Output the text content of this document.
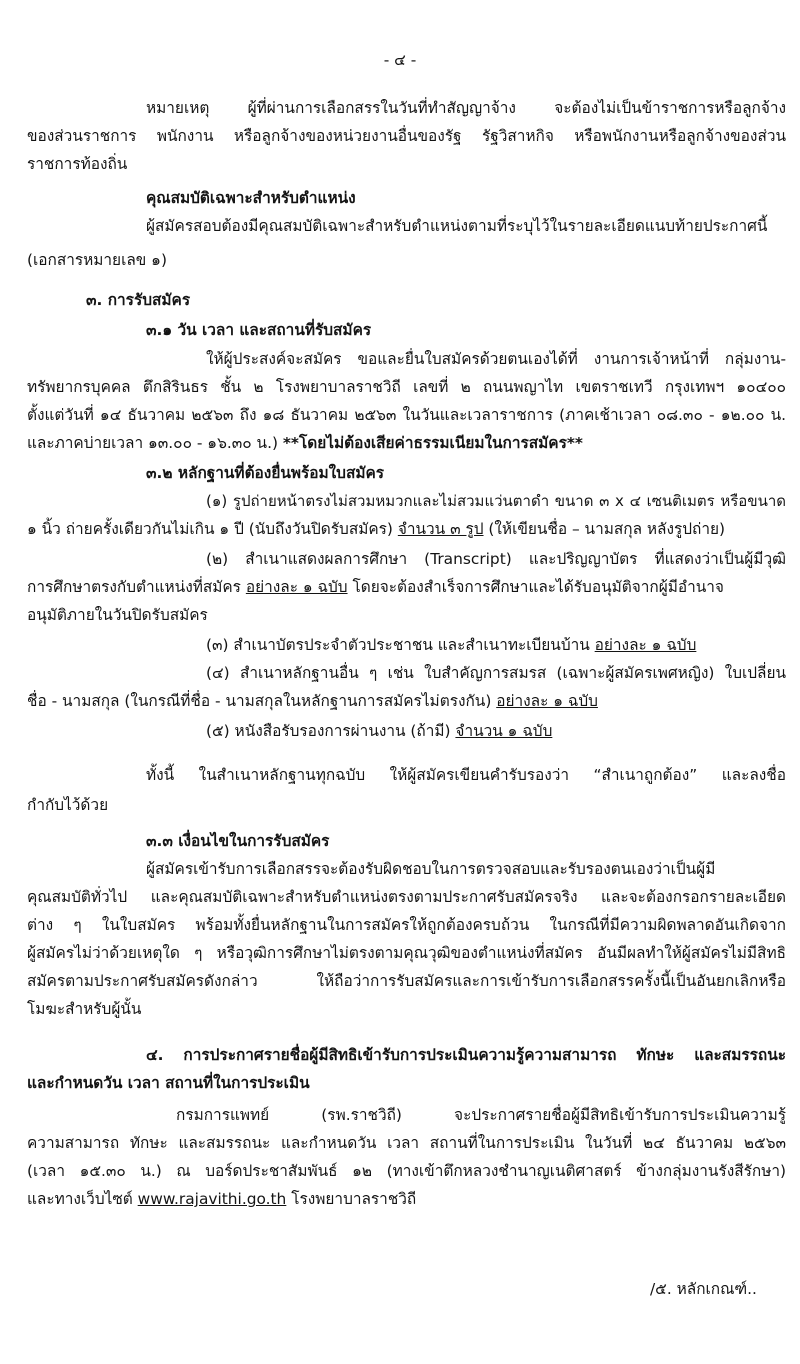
- ๔ -
หมายเหตุ ผู้ที่ผ่านการเลือกสรรในวันที่ทำสัญญาจ้าง จะต้องไม่เป็นข้าราชการหรือลูกจ้าง
ของส่วนราชการ พนักงาน หรือลูกจ้างของหน่วยงานอื่นของรัฐ รัฐวิสาหกิจ หรือพนักงานหรือลูกจ้างของส่วน
ราชการท้องถิ่น
คุณสมบัติเฉพาะสำหรับตำแหน่ง
ผู้สมัครสอบต้องมีคุณสมบัติเฉพาะสำหรับตำแหน่งตามที่ระบุไว้ในรายละเอียดแนบท้ายประกาศนี้
(เอกสารหมายเลข ๑)
๓. การรับสมัคร
๓.๑ วัน เวลา และสถานที่รับสมัคร
ให้ผู้ประสงค์จะสมัคร ขอและยื่นใบสมัครด้วยตนเองได้ที่ งานการเจ้าหน้าที่ กลุ่มงาน-
ทรัพยากรบุคคล ตึกสิรินธร ชั้น ๒ โรงพยาบาลราชวิถี เลขที่ ๒ ถนนพญาไท เขตราชเทวี กรุงเทพฯ ๑๐๔๐๐
ตั้งแต่วันที่ ๑๔ ธันวาคม ๒๕๖๓ ถึง ๑๘ ธันวาคม ๒๕๖๓ ในวันและเวลาราชการ (ภาคเช้าเวลา ๐๘.๓๐ - ๑๒.๐๐ น.
และภาคบ่ายเวลา ๑๓.๐๐ - ๑๖.๓๐ น.) **โดยไม่ต้องเสียค่าธรรมเนียมในการสมัคร**
๓.๒ หลักฐานที่ต้องยื่นพร้อมใบสมัคร
(๑) รูปถ่ายหน้าตรงไม่สวมหมวกและไม่สวมแว่นตาดำ ขนาด ๓ x ๔ เซนติเมตร หรือขนาด
๑ นิ้ว ถ่ายครั้งเดียวกันไม่เกิน ๑ ปี (นับถึงวันปิดรับสมัคร) จำนวน ๓ รูป (ให้เขียนชื่อ – นามสกุล หลังรูปถ่าย)
(๒) สำเนาแสดงผลการศึกษา (Transcript) และปริญญาบัตร ที่แสดงว่าเป็นผู้มีวุฒิ
การศึกษาตรงกับตำแหน่งที่สมัคร อย่างละ ๑ ฉบับ โดยจะต้องสำเร็จการศึกษาและได้รับอนุมัติจากผู้มีอำนาจ
อนุมัติภายในวันปิดรับสมัคร
(๓) สำเนาบัตรประจำตัวประชาชน และสำเนาทะเบียนบ้าน อย่างละ ๑ ฉบับ
(๔) สำเนาหลักฐานอื่น ๆ เช่น ใบสำคัญการสมรส (เฉพาะผู้สมัครเพศหญิง) ใบเปลี่ยน
ชื่อ - นามสกุล (ในกรณีที่ชื่อ - นามสกุลในหลักฐานการสมัครไม่ตรงกัน) อย่างละ ๑ ฉบับ
(๕) หนังสือรับรองการผ่านงาน (ถ้ามี) จำนวน ๑ ฉบับ
ทั้งนี้ ในสำเนาหลักฐานทุกฉบับ ให้ผู้สมัครเขียนคำรับรองว่า “สำเนาถูกต้อง” และลงชื่อ
กำกับไว้ด้วย
๓.๓ เงื่อนไขในการรับสมัคร
ผู้สมัครเข้ารับการเลือกสรรจะต้องรับผิดชอบในการตรวจสอบและรับรองตนเองว่าเป็นผู้มี
คุณสมบัติทั่วไป และคุณสมบัติเฉพาะสำหรับตำแหน่งตรงตามประกาศรับสมัครจริง และจะต้องกรอกรายละเอียด
ต่าง ๆ ในใบสมัคร พร้อมทั้งยื่นหลักฐานในการสมัครให้ถูกต้องครบถ้วน ในกรณีที่มีความผิดพลาดอันเกิดจาก
ผู้สมัครไม่ว่าด้วยเหตุใด ๆ หรือวุฒิการศึกษาไม่ตรงตามคุณวุฒิของตำแหน่งที่สมัคร อันมีผลทำให้ผู้สมัครไม่มีสิทธิ
สมัครตามประกาศรับสมัครดังกล่าว ให้ถือว่าการรับสมัครและการเข้ารับการเลือกสรรครั้งนี้เป็นอันยกเลิกหรือ
โมฆะสำหรับผู้นั้น
๔. การประกาศรายชื่อผู้มีสิทธิเข้ารับการประเมินความรู้ความสามารถ ทักษะ และสมรรถนะ
และกำหนดวัน เวลา สถานที่ในการประเมิน
กรมการแพทย์ (รพ.ราชวิถี) จะประกาศรายชื่อผู้มีสิทธิเข้ารับการประเมินความรู้
ความสามารถ ทักษะ และสมรรถนะ และกำหนดวัน เวลา สถานที่ในการประเมิน ในวันที่ ๒๔ ธันวาคม ๒๕๖๓
(เวลา ๑๕.๓๐ น.) ณ บอร์ดประชาสัมพันธ์ ๑๒ (ทางเข้าตึกหลวงชำนาญเนติศาสตร์ ข้างกลุ่มงานรังสีรักษา)
และทางเว็บไซต์ www.rajavithi.go.th โรงพยาบาลราชวิถี
/๕. หลักเกณฑ์..
